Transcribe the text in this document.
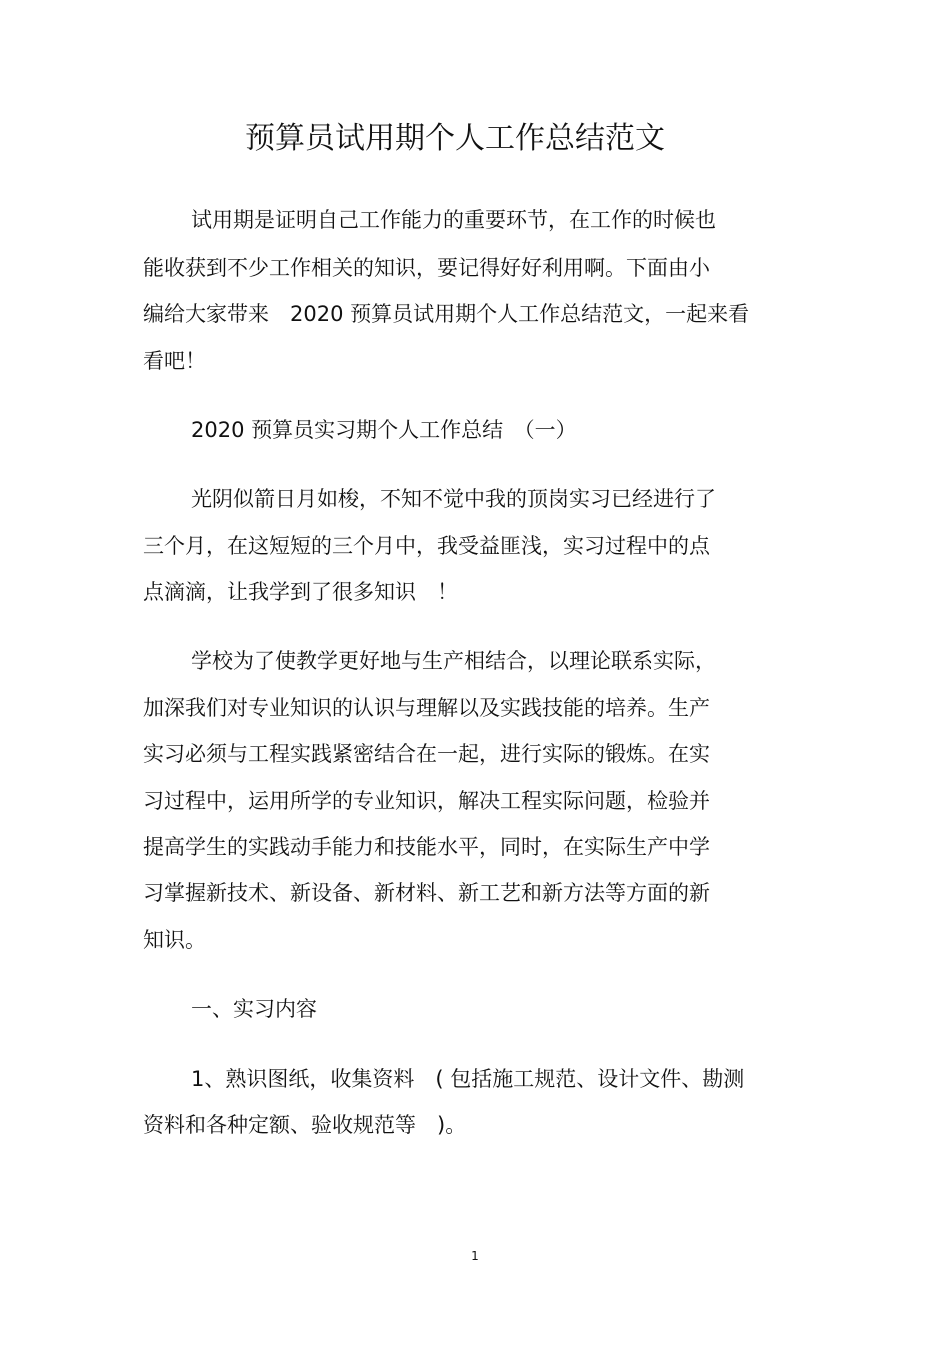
预算员试用期个人工作总结范文

试用期是证明自己工作能力的重要环节，在工作的时候也

能收获到不少工作相关的知识，要记得好好利用啊。下面由小

编给大家带来　2020 预算员试用期个人工作总结范文，一起来看

看吧！

2020 预算员实习期个人工作总结　（一）

光阴似箭日月如梭，不知不觉中我的顶岗实习已经进行了

三个月，在这短短的三个月中，我受益匪浅，实习过程中的点

点滴滴，让我学到了很多知识　！

学校为了使教学更好地与生产相结合，以理论联系实际，

加深我们对专业知识的认识与理解以及实践技能的培养。生产

实习必须与工程实践紧密结合在一起，进行实际的锻炼。在实

习过程中，运用所学的专业知识，解决工程实际问题，检验并

提高学生的实践动手能力和技能水平，同时，在实际生产中学

习掌握新技术、新设备、新材料、新工艺和新方法等方面的新

知识。

一、实习内容

1、熟识图纸，收集资料　( 包括施工规范、设计文件、勘测

资料和各种定额、验收规范等　)。

1
